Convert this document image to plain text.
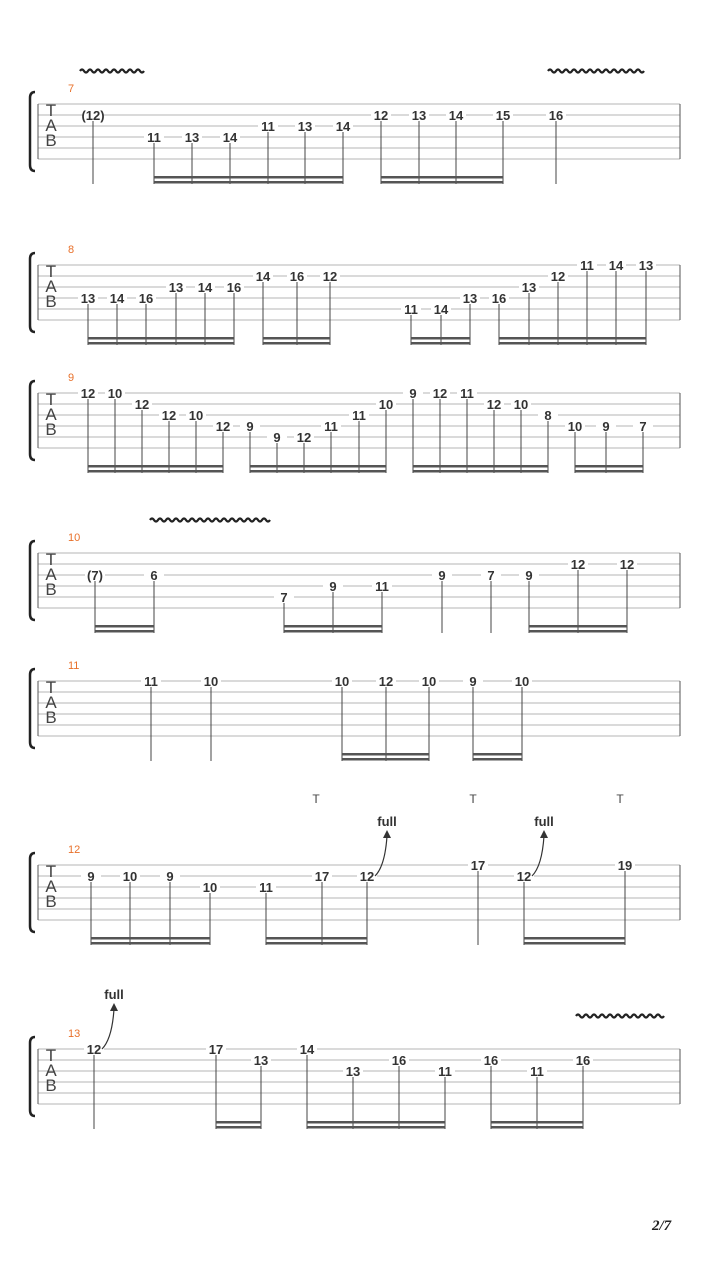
T
A
B
7
(12)
11 13 14
11 13 14
12 13 14	15	16
T
A
B
8
13 14 16
13 14 16
14 16 12
11 14
13 16
13
12
11 14 13
T
A
B
9
12 10
12
12 10
12 9
9 12
11
11
10
9 12 11
12 10
8
10 9 7
T
A
B
10
(7)	6
7
9	11
9	7 9
12	12
T
A
B
11
11	10	10 12 10	9	10
T
A
B
12
9 10 9
10	11
17 12
17
12
19
full	full
T	T	T
T
A
B
13
12	17
13
14
13
16
11
16
11
16
full
2/7
